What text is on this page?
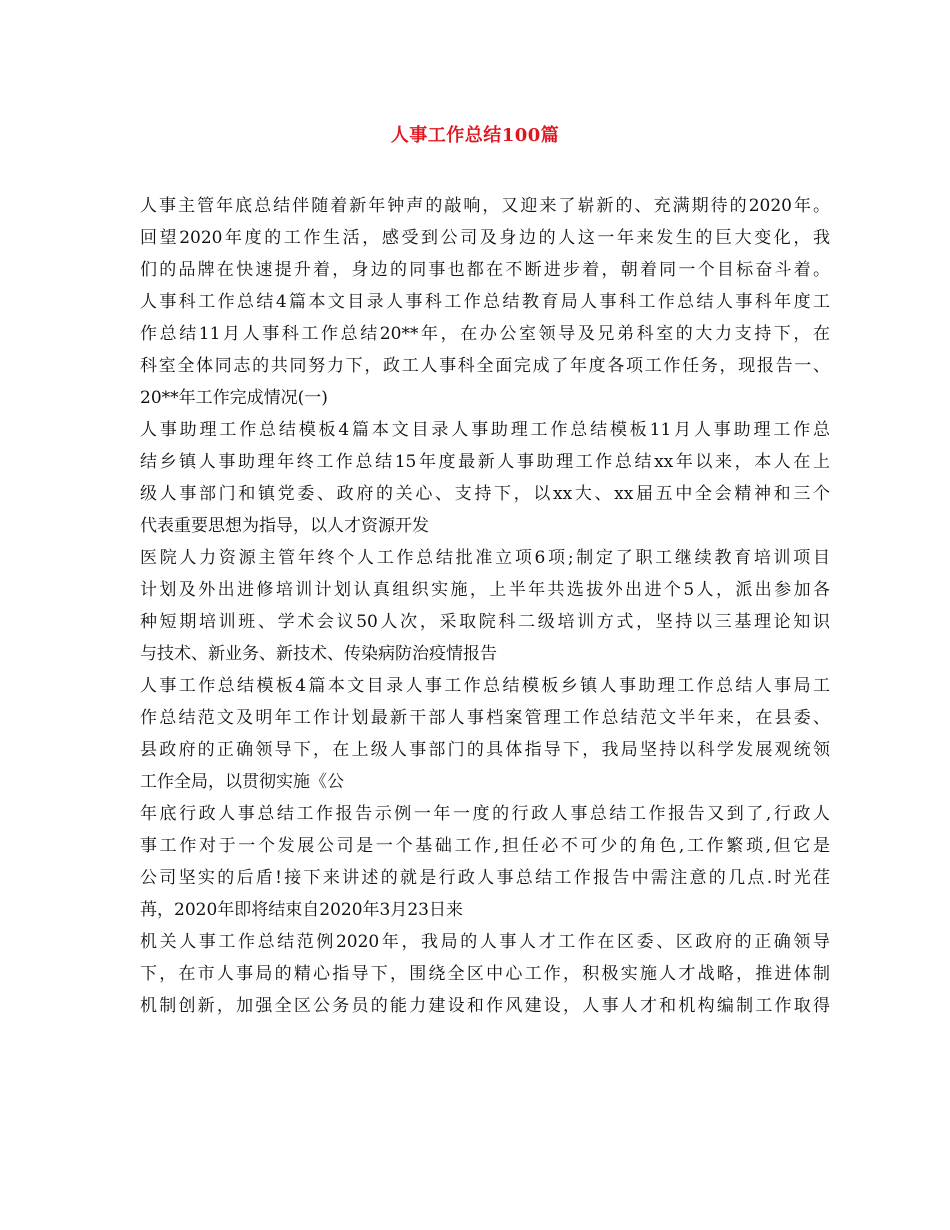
人事工作总结100篇
人事主管年底总结伴随着新年钟声的敲响，又迎来了崭新的、充满期待的2020年。
回望2020年度的工作生活，感受到公司及身边的人这一年来发生的巨大变化，我
们的品牌在快速提升着，身边的同事也都在不断进步着，朝着同一个目标奋斗着。
人事科工作总结4篇本文目录人事科工作总结教育局人事科工作总结人事科年度工
作总结11月人事科工作总结20**年，在办公室领导及兄弟科室的大力支持下，在
科室全体同志的共同努力下，政工人事科全面完成了年度各项工作任务，现报告一、
20**年工作完成情况(一)
人事助理工作总结模板4篇本文目录人事助理工作总结模板11月人事助理工作总
结乡镇人事助理年终工作总结15年度最新人事助理工作总结xx年以来，本人在上
级人事部门和镇党委、政府的关心、支持下，以xx大、xx届五中全会精神和三个
代表重要思想为指导，以人才资源开发
医院人力资源主管年终个人工作总结批准立项6项;制定了职工继续教育培训项目
计划及外出进修培训计划认真组织实施，上半年共选拔外出进个5人，派出参加各
种短期培训班、学术会议50人次，采取院科二级培训方式，坚持以三基理论知识
与技术、新业务、新技术、传染病防治疫情报告
人事工作总结模板4篇本文目录人事工作总结模板乡镇人事助理工作总结人事局工
作总结范文及明年工作计划最新干部人事档案管理工作总结范文半年来，在县委、
县政府的正确领导下，在上级人事部门的具体指导下，我局坚持以科学发展观统领
工作全局，以贯彻实施《公
年底行政人事总结工作报告示例一年一度的行政人事总结工作报告又到了,行政人
事工作对于一个发展公司是一个基础工作,担任必不可少的角色,工作繁琐,但它是
公司坚实的后盾!接下来讲述的就是行政人事总结工作报告中需注意的几点.时光荏
苒，2020年即将结束自2020年3月23日来
机关人事工作总结范例2020年，我局的人事人才工作在区委、区政府的正确领导
下，在市人事局的精心指导下，围绕全区中心工作，积极实施人才战略，推进体制
机制创新，加强全区公务员的能力建设和作风建设，人事人才和机构编制工作取得
